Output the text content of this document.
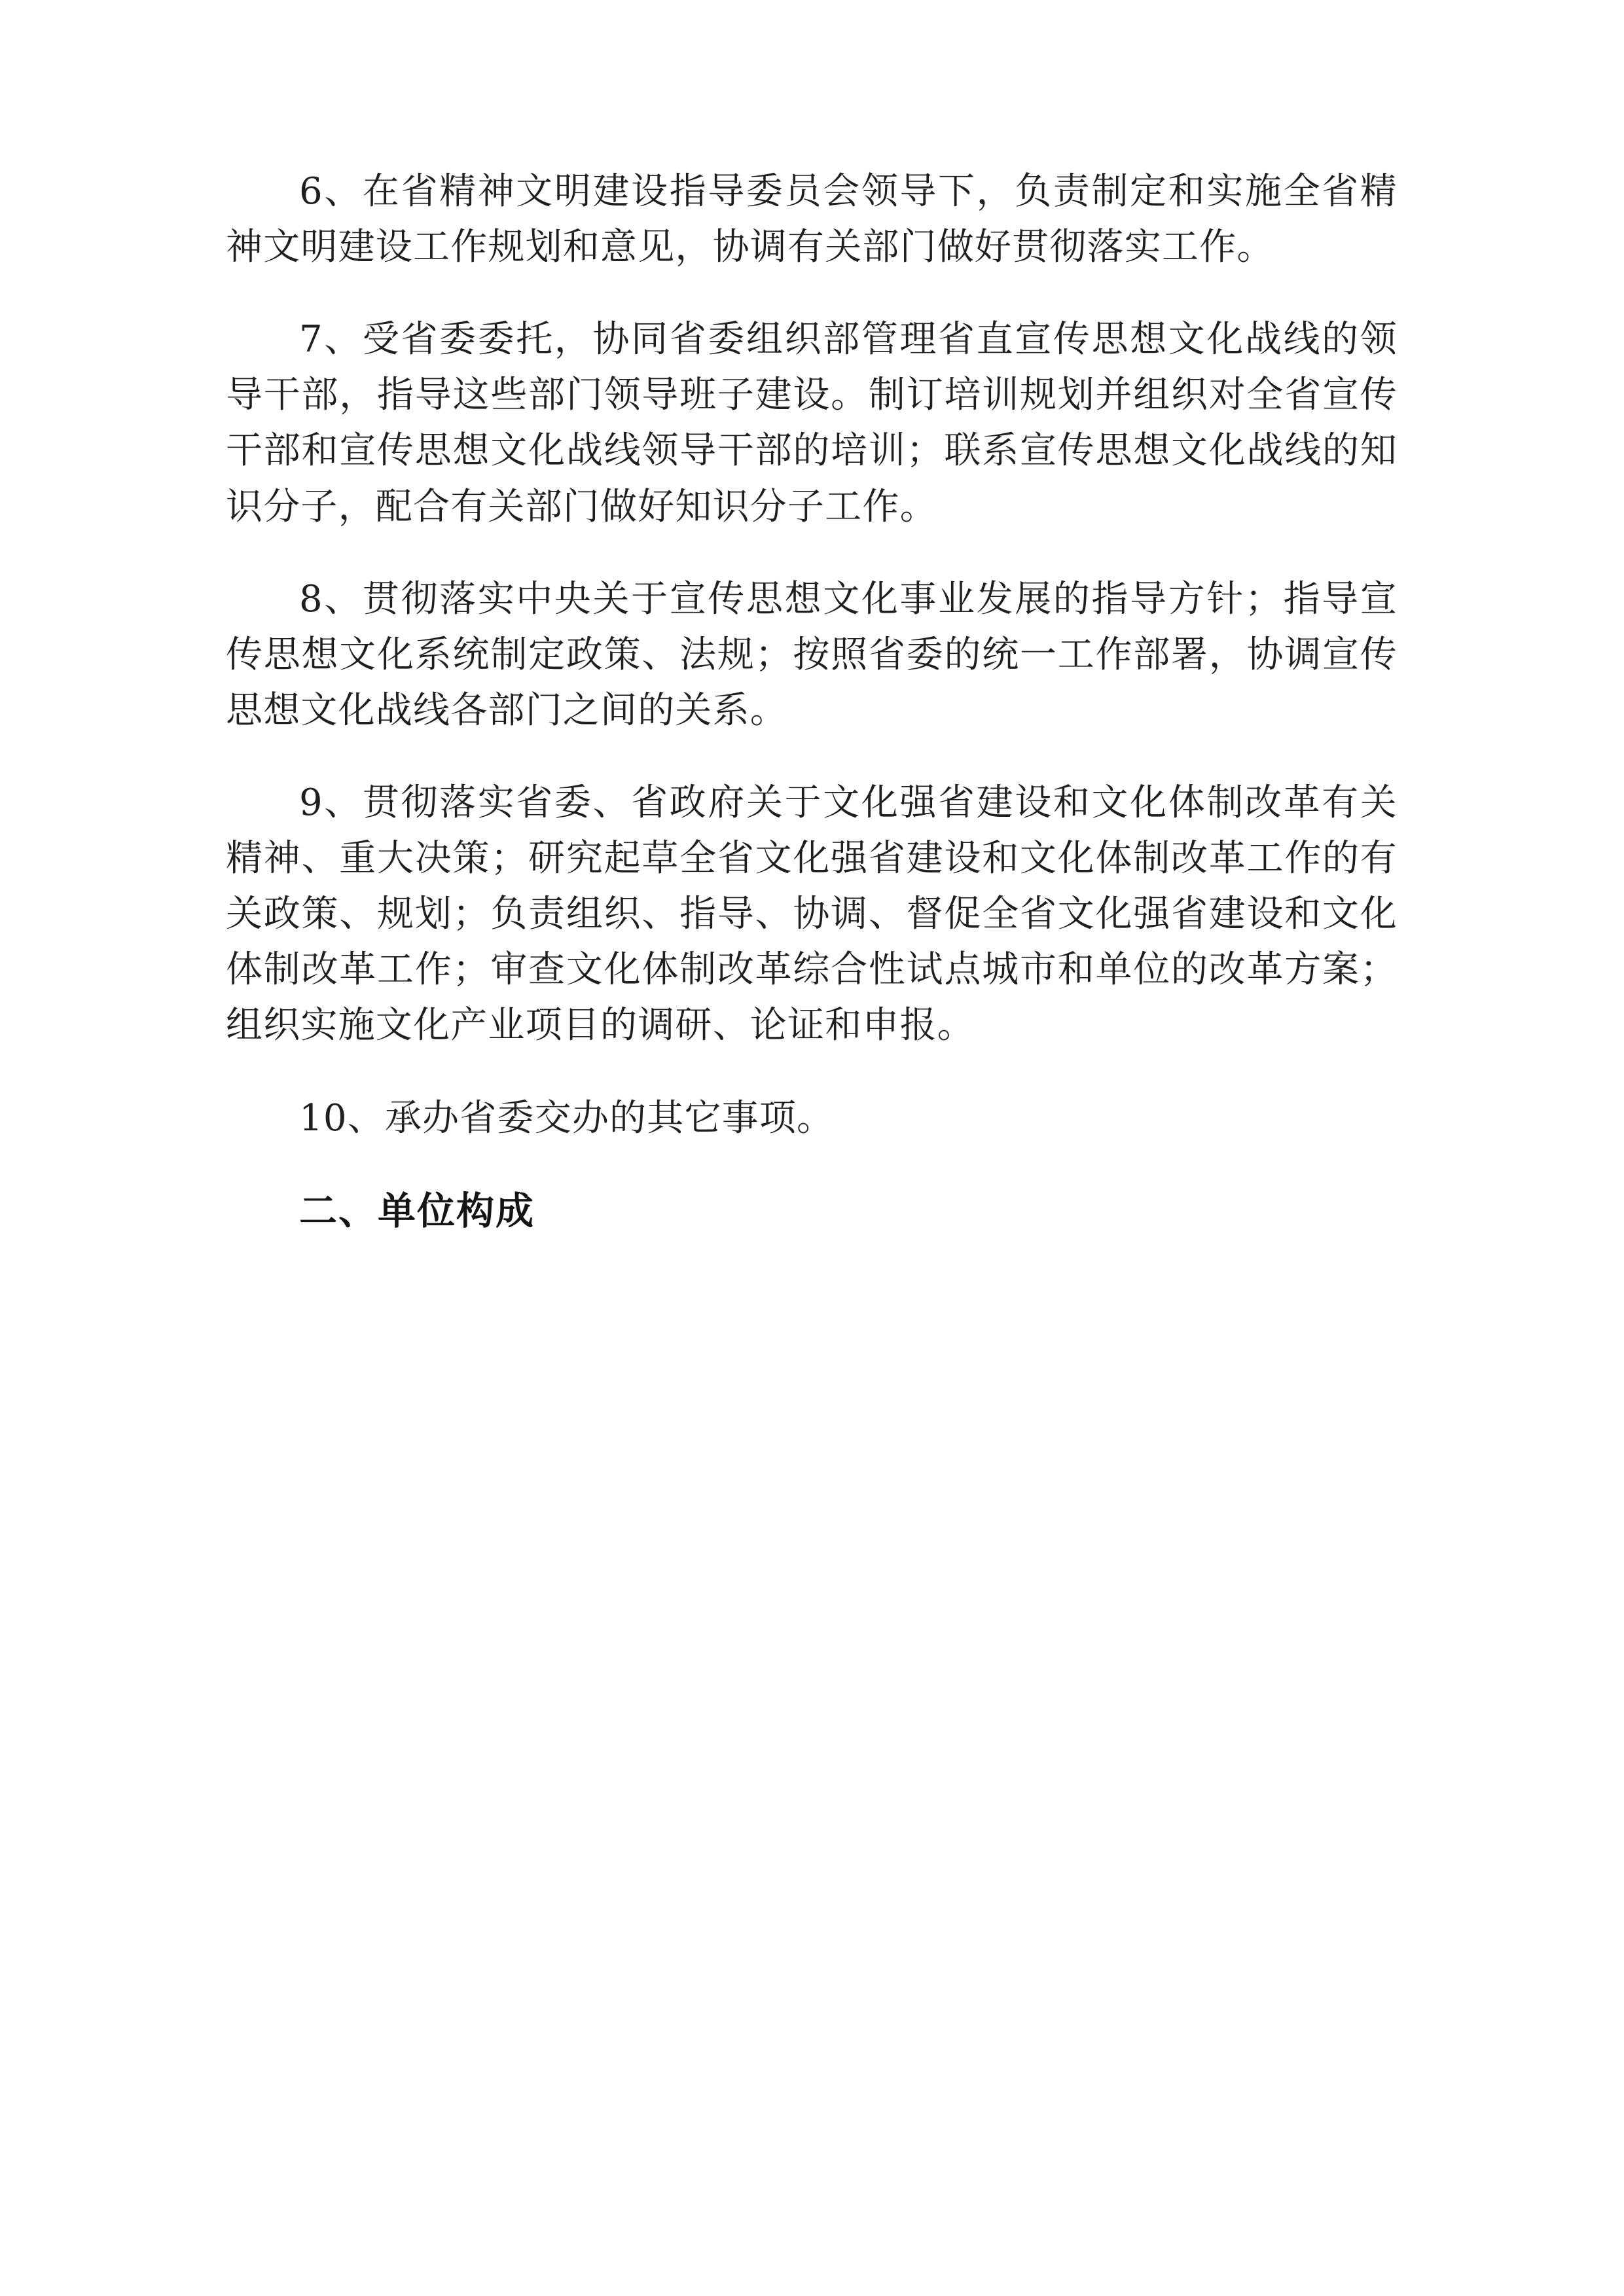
6、在省精神文明建设指导委员会领导下，负责制定和实施全省精神文明建设工作规划和意见，协调有关部门做好贯彻落实工作。

7、受省委委托，协同省委组织部管理省直宣传思想文化战线的领导干部，指导这些部门领导班子建设。制订培训规划并组织对全省宣传干部和宣传思想文化战线领导干部的培训；联系宣传思想文化战线的知识分子，配合有关部门做好知识分子工作。

8、贯彻落实中央关于宣传思想文化事业发展的指导方针；指导宣传思想文化系统制定政策、法规；按照省委的统一工作部署，协调宣传思想文化战线各部门之间的关系。

9、贯彻落实省委、省政府关于文化强省建设和文化体制改革有关精神、重大决策；研究起草全省文化强省建设和文化体制改革工作的有关政策、规划；负责组织、指导、协调、督促全省文化强省建设和文化体制改革工作；审查文化体制改革综合性试点城市和单位的改革方案；组织实施文化产业项目的调研、论证和申报。

10、承办省委交办的其它事项。

二、单位构成
